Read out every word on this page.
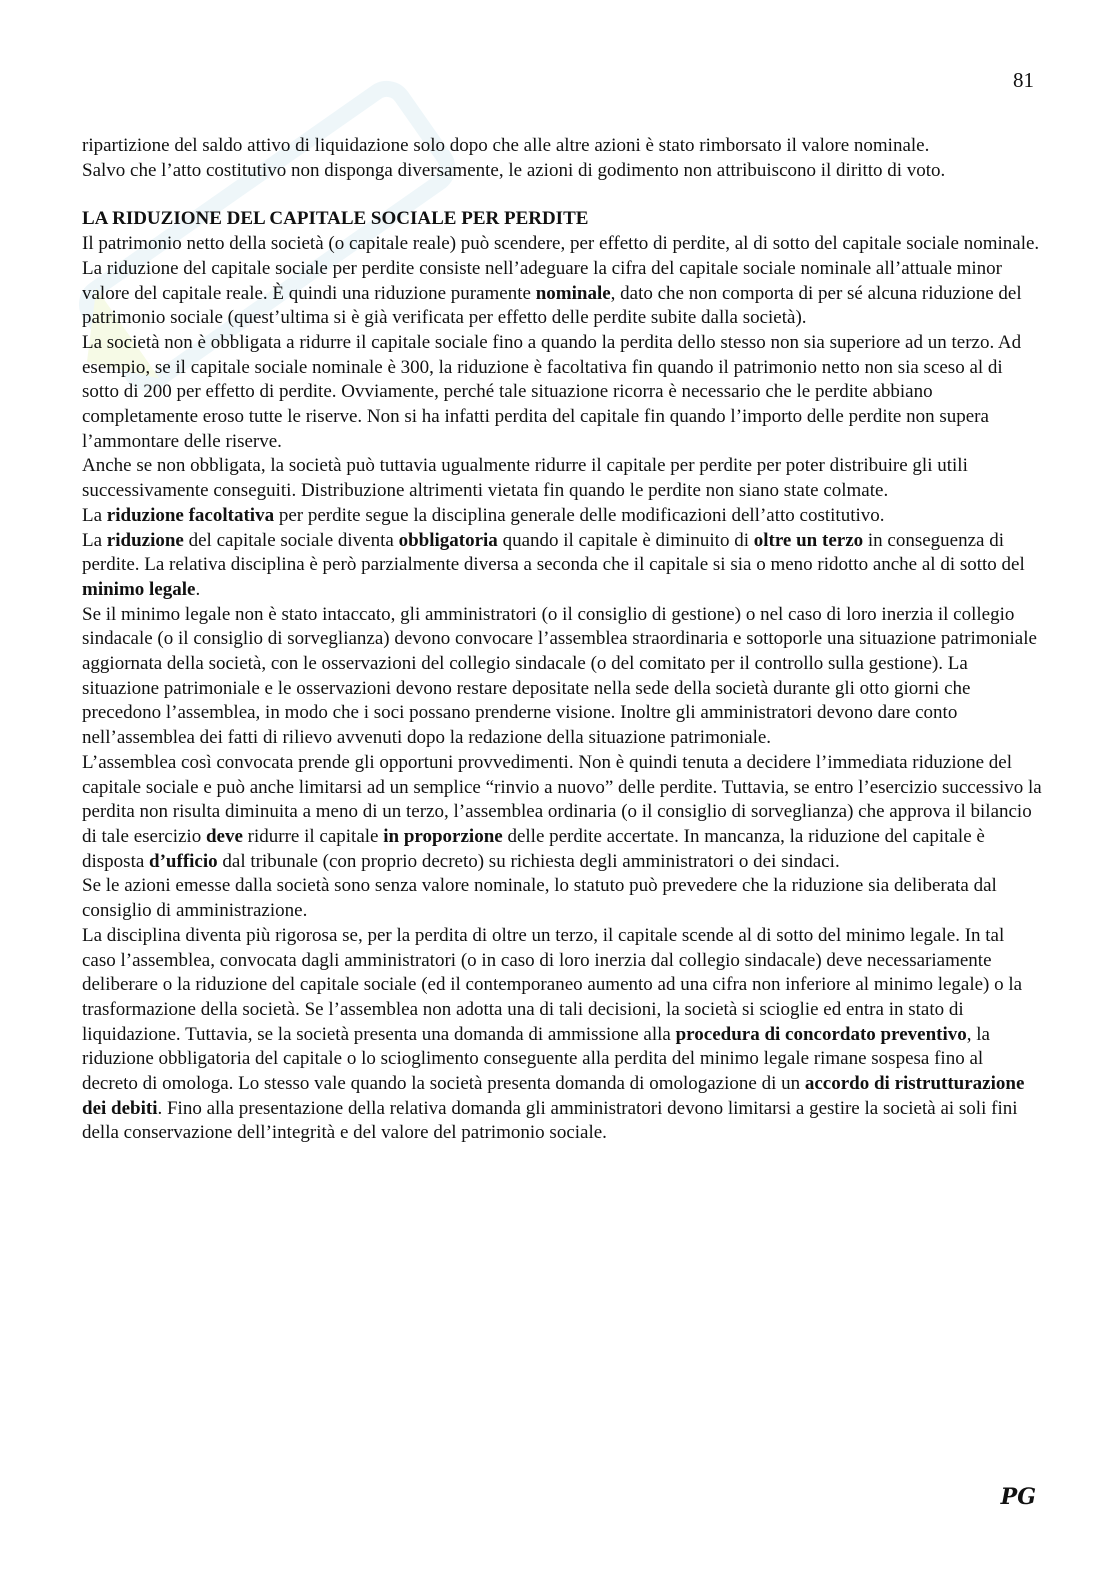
81

ripartizione del saldo attivo di liquidazione solo dopo che alle altre azioni è stato rimborsato il valore nominale.

Salvo che l’atto costitutivo non disponga diversamente, le azioni di godimento non attribuiscono il diritto di voto.

LA RIDUZIONE DEL CAPITALE SOCIALE PER PERDITE

Il patrimonio netto della società (o capitale reale) può scendere, per effetto di perdite, al di sotto del capitale sociale nominale. La riduzione del capitale sociale per perdite consiste nell’adeguare la cifra del capitale sociale nominale all’attuale minor valore del capitale reale. È quindi una riduzione puramente nominale, dato che non comporta di per sé alcuna riduzione del patrimonio sociale (quest’ultima si è già verificata per effetto delle perdite subite dalla società).

La società non è obbligata a ridurre il capitale sociale fino a quando la perdita dello stesso non sia superiore ad un terzo. Ad esempio, se il capitale sociale nominale è 300, la riduzione è facoltativa fin quando il patrimonio netto non sia sceso al di sotto di 200 per effetto di perdite. Ovviamente, perché tale situazione ricorra è necessario che le perdite abbiano completamente eroso tutte le riserve. Non si ha infatti perdita del capitale fin quando l’importo delle perdite non supera l’ammontare delle riserve.

Anche se non obbligata, la società può tuttavia ugualmente ridurre il capitale per perdite per poter distribuire gli utili successivamente conseguiti. Distribuzione altrimenti vietata fin quando le perdite non siano state colmate.

La riduzione facoltativa per perdite segue la disciplina generale delle modificazioni dell’atto costitutivo.

La riduzione del capitale sociale diventa obbligatoria quando il capitale è diminuito di oltre un terzo in conseguenza di perdite. La relativa disciplina è però parzialmente diversa a seconda che il capitale si sia o meno ridotto anche al di sotto del minimo legale.

Se il minimo legale non è stato intaccato, gli amministratori (o il consiglio di gestione) o nel caso di loro inerzia il collegio sindacale (o il consiglio di sorveglianza) devono convocare l’assemblea straordinaria e sottoporle una situazione patrimoniale aggiornata della società, con le osservazioni del collegio sindacale (o del comitato per il controllo sulla gestione). La situazione patrimoniale e le osservazioni devono restare depositate nella sede della società durante gli otto giorni che precedono l’assemblea, in modo che i soci possano prenderne visione. Inoltre gli amministratori devono dare conto nell’assemblea dei fatti di rilievo avvenuti dopo la redazione della situazione patrimoniale.

L’assemblea così convocata prende gli opportuni provvedimenti. Non è quindi tenuta a decidere l’immediata riduzione del capitale sociale e può anche limitarsi ad un semplice “rinvio a nuovo” delle perdite. Tuttavia, se entro l’esercizio successivo la perdita non risulta diminuita a meno di un terzo, l’assemblea ordinaria (o il consiglio di sorveglianza) che approva il bilancio di tale esercizio deve ridurre il capitale in proporzione delle perdite accertate. In mancanza, la riduzione del capitale è disposta d’ufficio dal tribunale (con proprio decreto) su richiesta degli amministratori o dei sindaci.

Se le azioni emesse dalla società sono senza valore nominale, lo statuto può prevedere che la riduzione sia deliberata dal consiglio di amministrazione.

La disciplina diventa più rigorosa se, per la perdita di oltre un terzo, il capitale scende al di sotto del minimo legale. In tal caso l’assemblea, convocata dagli amministratori (o in caso di loro inerzia dal collegio sindacale) deve necessariamente deliberare o la riduzione del capitale sociale (ed il contemporaneo aumento ad una cifra non inferiore al minimo legale) o la trasformazione della società. Se l’assemblea non adotta una di tali decisioni, la società si scioglie ed entra in stato di liquidazione. Tuttavia, se la società presenta una domanda di ammissione alla procedura di concordato preventivo, la riduzione obbligatoria del capitale o lo scioglimento conseguente alla perdita del minimo legale rimane sospesa fino al decreto di omologa. Lo stesso vale quando la società presenta domanda di omologazione di un accordo di ristrutturazione dei debiti. Fino alla presentazione della relativa domanda gli amministratori devono limitarsi a gestire la società ai soli fini della conservazione dell’integrità e del valore del patrimonio sociale.

PG
